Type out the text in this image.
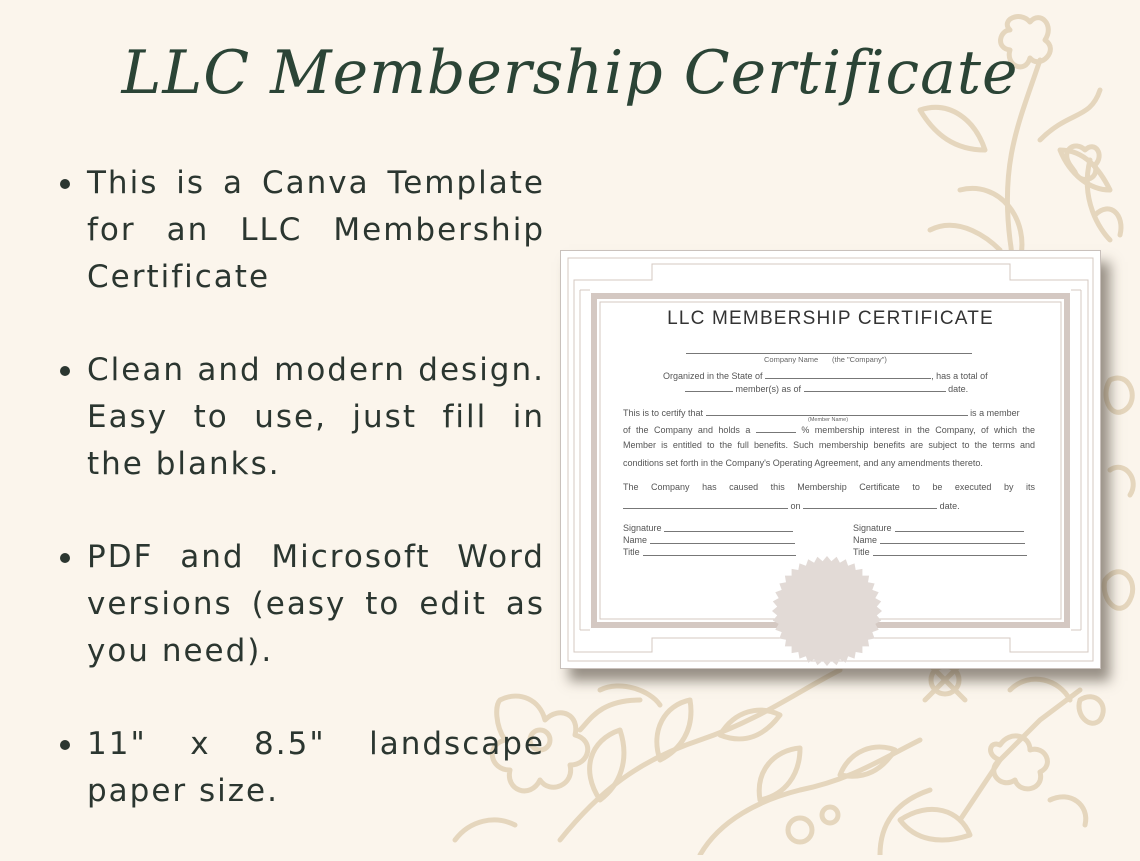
LLC Membership Certificate
This is a Canva Template for an LLC Membership Certificate
Clean and modern design. Easy to use, just fill in the blanks.
PDF and Microsoft Word versions (easy to edit as you need).
11" x 8.5" landscape paper size.
LLC MEMBERSHIP CERTIFICATE
Company Name (the "Company")
Organized in the State of	, has a total of
member(s) as of	date.
This is to certify that	is a member
(Member Name)
of the Company and holds a	% membership interest in the Company, of which the
Member is entitled to the full benefits. Such membership benefits are subject to the terms and
conditions set forth in the Company's Operating Agreement, and any amendments thereto.
The Company has caused this Membership Certificate to be executed by its
on	date.
Signature
Name
Title
Signature
Name
Title
